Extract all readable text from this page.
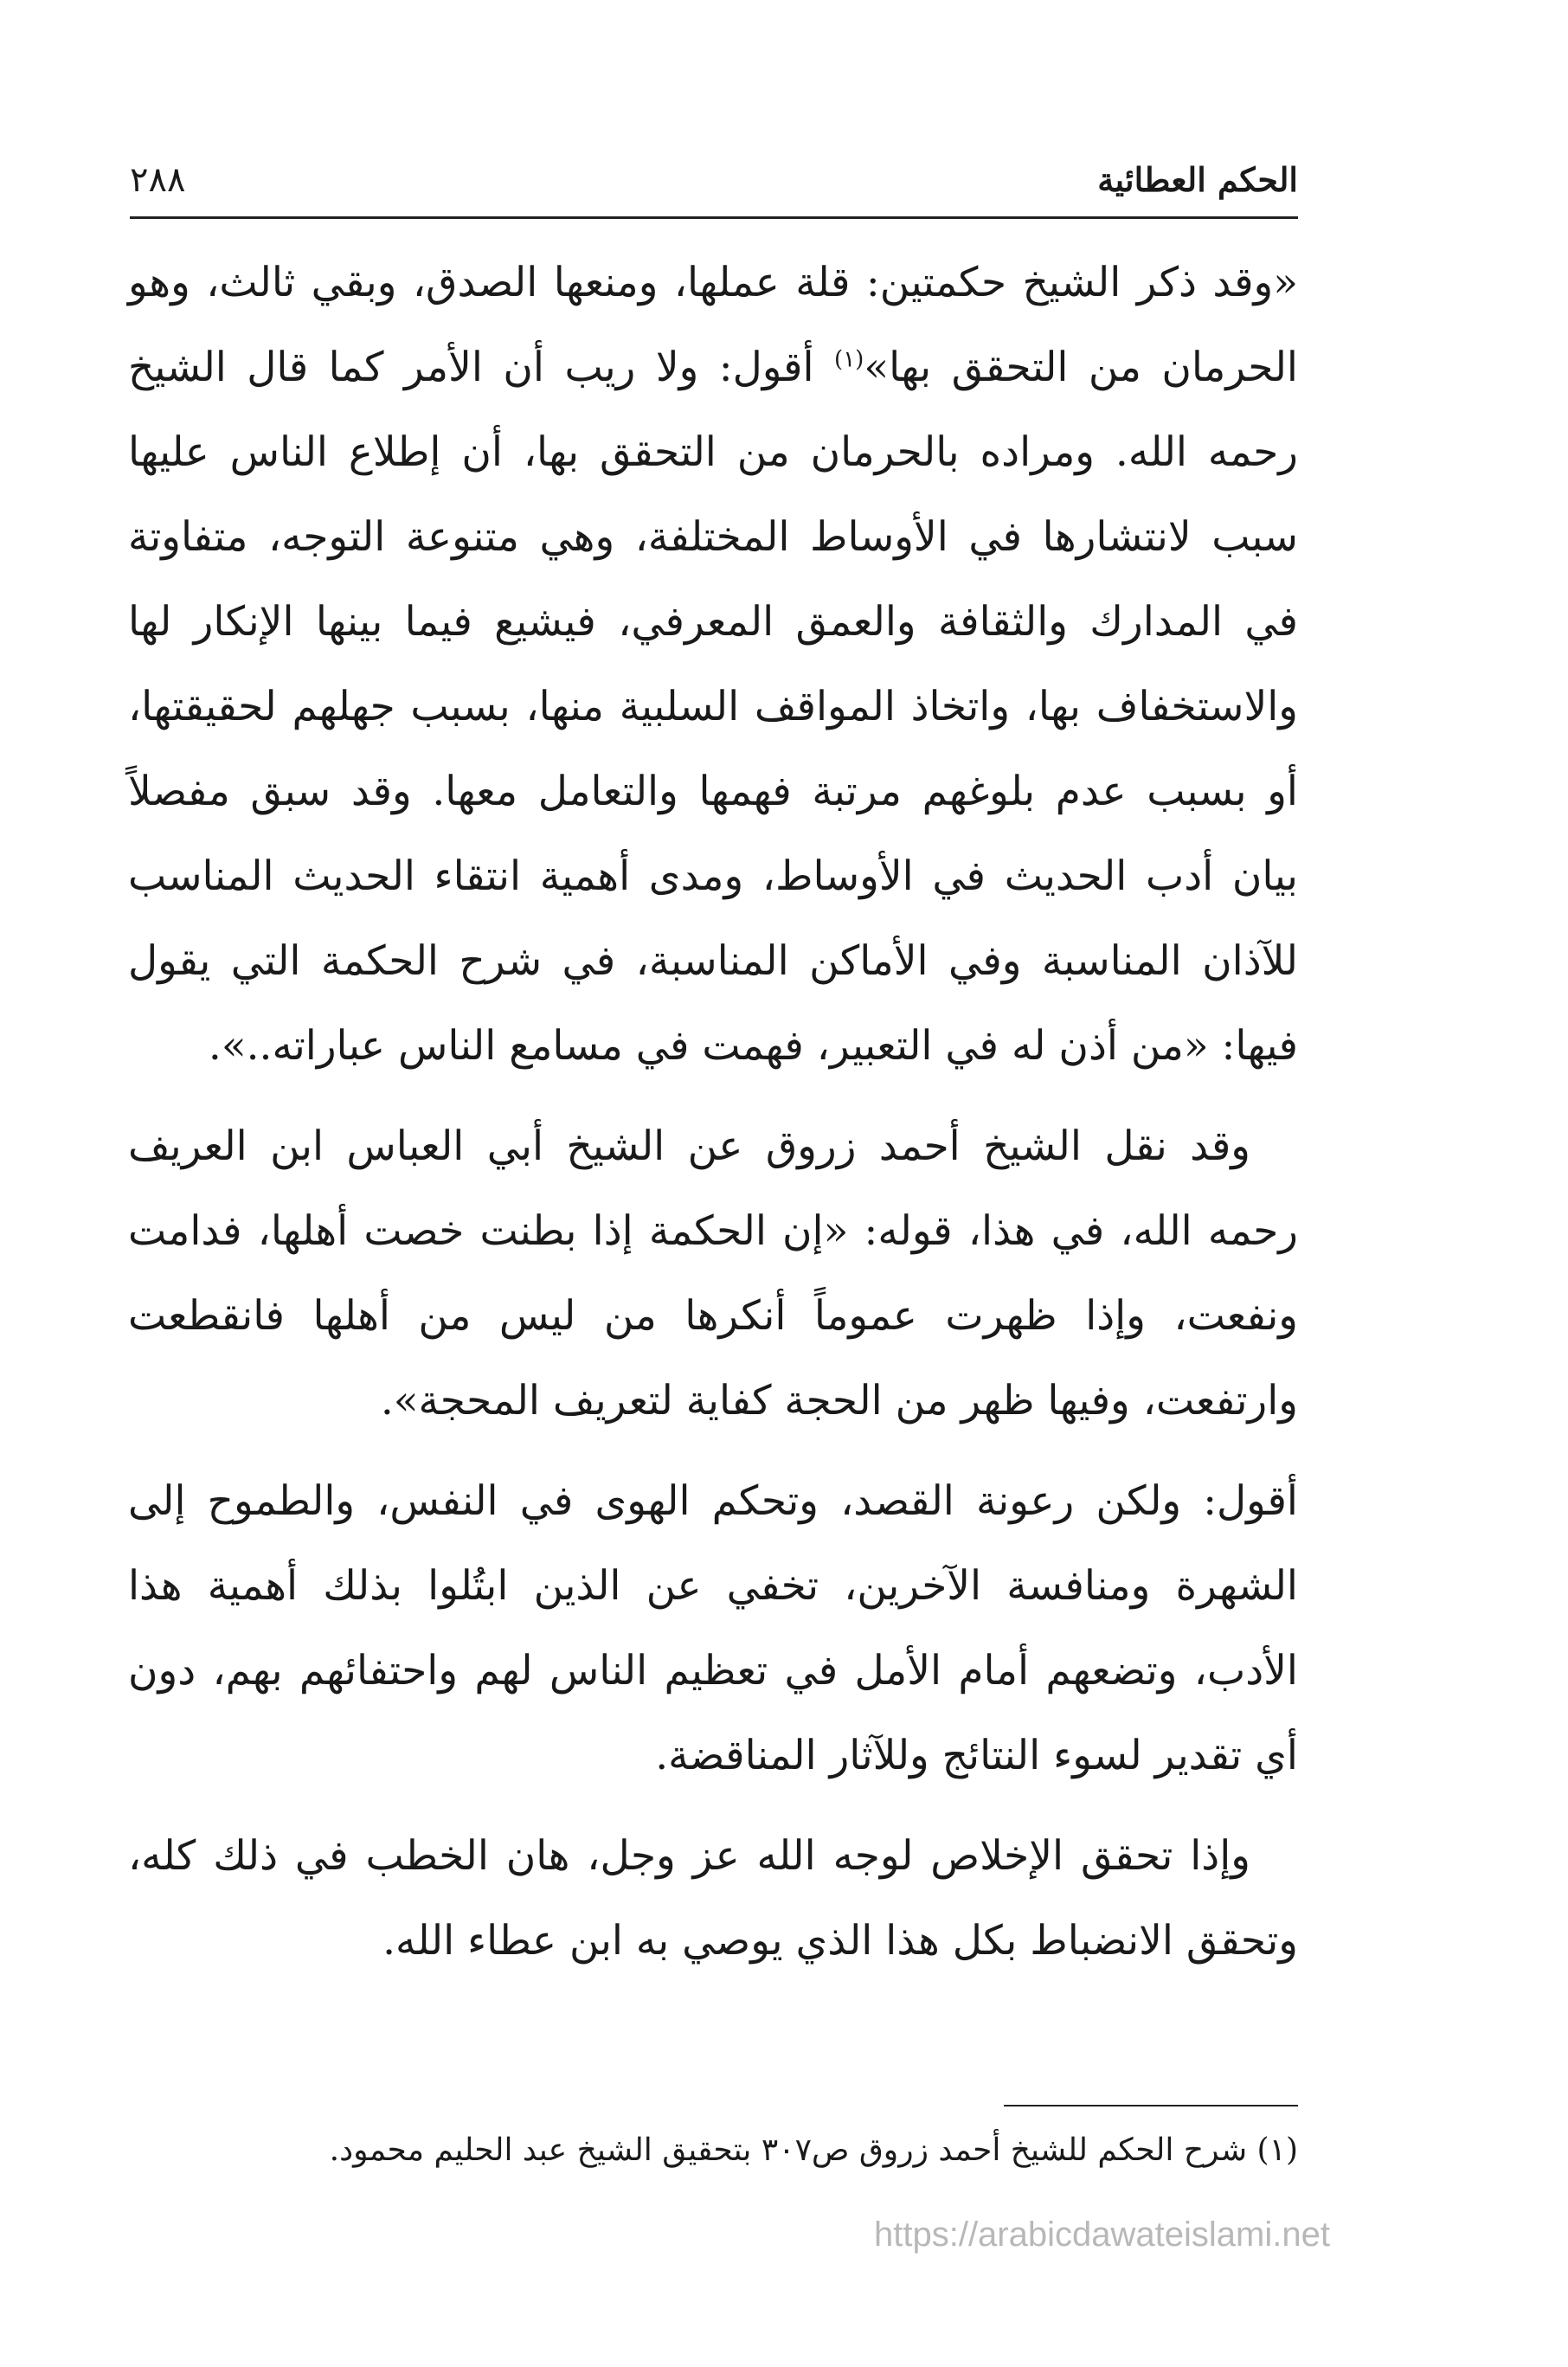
الحكم العطائية
٢٨٨

«وقد ذكر الشيخ حكمتين: قلة عملها، ومنعها الصدق، وبقي ثالث، وهو الحرمان من التحقق بها»$^{(١)}$ أقول: ولا ريب أن الأمر كما قال الشيخ رحمه الله. ومراده بالحرمان من التحقق بها، أن إطلاع الناس عليها سبب لانتشارها في الأوساط المختلفة، وهي متنوعة التوجه، متفاوتة في المدارك والثقافة والعمق المعرفي، فيشيع فيما بينها الإنكار لها والاستخفاف بها، واتخاذ المواقف السلبية منها، بسبب جهلهم لحقيقتها، أو بسبب عدم بلوغهم مرتبة فهمها والتعامل معها. وقد سبق مفصلاً بيان أدب الحديث في الأوساط، ومدى أهمية انتقاء الحديث المناسب للآذان المناسبة وفي الأماكن المناسبة، في شرح الحكمة التي يقول فيها: «من أذن له في التعبير، فهمت في مسامع الناس عباراته..».

وقد نقل الشيخ أحمد زروق عن الشيخ أبي العباس ابن العريف رحمه الله، في هذا، قوله: «إن الحكمة إذا بطنت خصت أهلها، فدامت ونفعت، وإذا ظهرت عموماً أنكرها من ليس من أهلها فانقطعت وارتفعت، وفيها ظهر من الحجة كفاية لتعريف المحجة».

أقول: ولكن رعونة القصد، وتحكم الهوى في النفس، والطموح إلى الشهرة ومنافسة الآخرين، تخفي عن الذين ابتُلوا بذلك أهمية هذا الأدب، وتضعهم أمام الأمل في تعظيم الناس لهم واحتفائهم بهم، دون أي تقدير لسوء النتائج وللآثار المناقضة.

وإذا تحقق الإخلاص لوجه الله عز وجل، هان الخطب في ذلك كله، وتحقق الانضباط بكل هذا الذي يوصي به ابن عطاء الله.

(١) شرح الحكم للشيخ أحمد زروق ص٣٠٧ بتحقيق الشيخ عبد الحليم محمود.
https://arabicdawateislami.net
